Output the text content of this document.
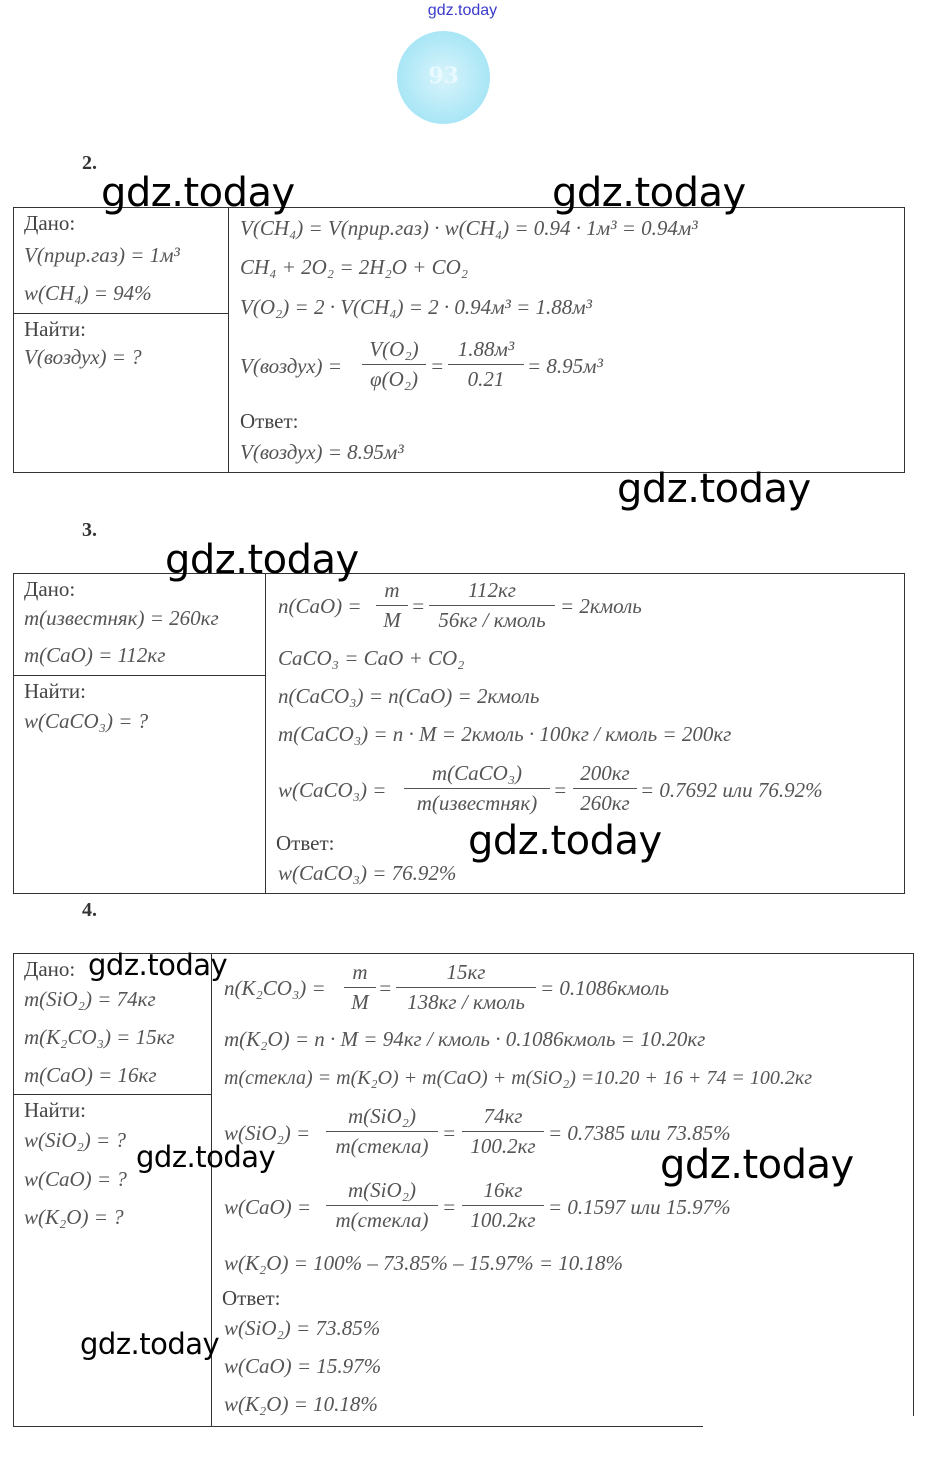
gdz.today
93
2.
Дано:
V(прир.газ) = 1м³
w(CH₄) = 94%
Найти:
V(воздух) = ?
V(CH₄) = V(прир.газ) · w(CH₄) = 0.94 · 1м³ = 0.94м³
CH₄ + 2O₂ = 2H₂O + CO₂
V(O₂) = 2 · V(CH₄) = 2 · 0.94м³ = 1.88м³
V(воздух) =
V(O₂)
φ(O₂)
=
1.88м³
0.21
= 8.95м³
Ответ:
V(воздух) = 8.95м³
3.
Дано:
m(известняк) = 260кг
m(CaO) = 112кг
Найти:
w(CaCO₃) = ?
n(CaO) =
m
M
=
112кг
56кг / кмоль
= 2кмоль
CaCO₃ = CaO + CO₂
n(CaCO₃) = n(CaO) = 2кмоль
m(CaCO₃) = n · M = 2кмоль · 100кг / кмоль = 200кг
w(CaCO₃) =
m(CaCO₃)
m(известняк)
=
200кг
260кг
= 0.7692 или 76.92%
Ответ:
w(CaCO₃) = 76.92%
4.
Дано:
m(SiO₂) = 74кг
m(K₂CO₃) = 15кг
m(CaO) = 16кг
Найти:
w(SiO₂) = ?
w(CaO) = ?
w(K₂O) = ?
n(K₂CO₃) =
m
M
=
15кг
138кг / кмоль
= 0.1086кмоль
m(K₂O) = n · M = 94кг / кмоль · 0.1086кмоль = 10.20кг
m(стекла) = m(K₂O) + m(CaO) + m(SiO₂) =10.20 + 16 + 74 = 100.2кг
w(SiO₂) =
m(SiO₂)
m(стекла)
=
74кг
100.2кг
= 0.7385 или 73.85%
w(CaO) =
m(SiO₂)
m(стекла)
=
16кг
100.2кг
= 0.1597 или 15.97%
w(K₂O) = 100% – 73.85% – 15.97% = 10.18%
Ответ:
w(SiO₂) = 73.85%
w(CaO) = 15.97%
w(K₂O) = 10.18%
gdz.today	gdz.today
gdz.today
gdz.today
gdz.today
gdz.today
gdz.today	gdz.today
gdz.today
